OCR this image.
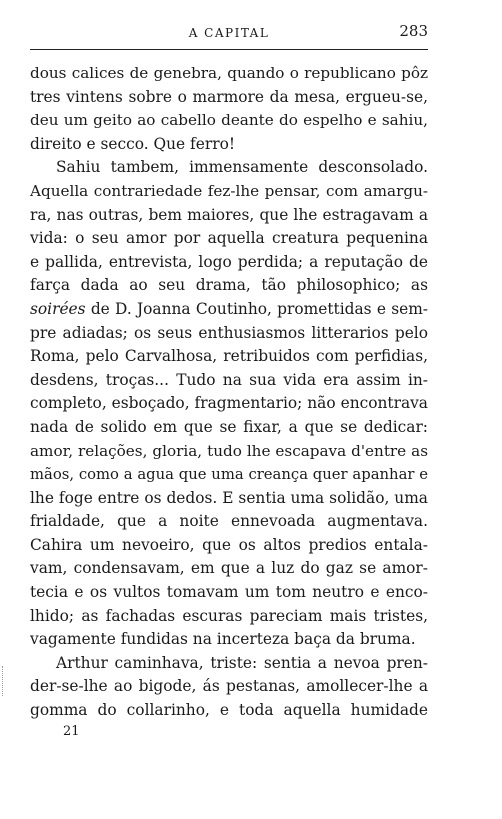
A CAPITAL	283
dous calices de genebra, quando o republicano pôz
tres vintens sobre o marmore da mesa, ergueu-se,
deu um geito ao cabello deante do espelho e sahiu,
direito e secco. Que ferro!
Sahiu tambem, immensamente desconsolado.
Aquella contrariedade fez-lhe pensar, com amargu-
ra, nas outras, bem maiores, que lhe estragavam a
vida: o seu amor por aquella creatura pequenina
e pallida, entrevista, logo perdida; a reputação de
farça dada ao seu drama, tão philosophico; as
soirées de D. Joanna Coutinho, promettidas e sem-
pre adiadas; os seus enthusiasmos litterarios pelo
Roma, pelo Carvalhosa, retribuidos com perfidias,
desdens, troças... Tudo na sua vida era assim in-
completo, esboçado, fragmentario; não encontrava
nada de solido em que se fixar, a que se dedicar:
amor, relações, gloria, tudo lhe escapava d'entre as
mãos, como a agua que uma creança quer apanhar e
lhe foge entre os dedos. E sentia uma solidão, uma
frialdade, que a noite ennevoada augmentava.
Cahira um nevoeiro, que os altos predios entala-
vam, condensavam, em que a luz do gaz se amor-
tecia e os vultos tomavam um tom neutro e enco-
lhido; as fachadas escuras pareciam mais tristes,
vagamente fundidas na incerteza baça da bruma.
Arthur caminhava, triste: sentia a nevoa pren-
der-se-lhe ao bigode, ás pestanas, amollecer-lhe a
gomma do collarinho, e toda aquella humidade
21
